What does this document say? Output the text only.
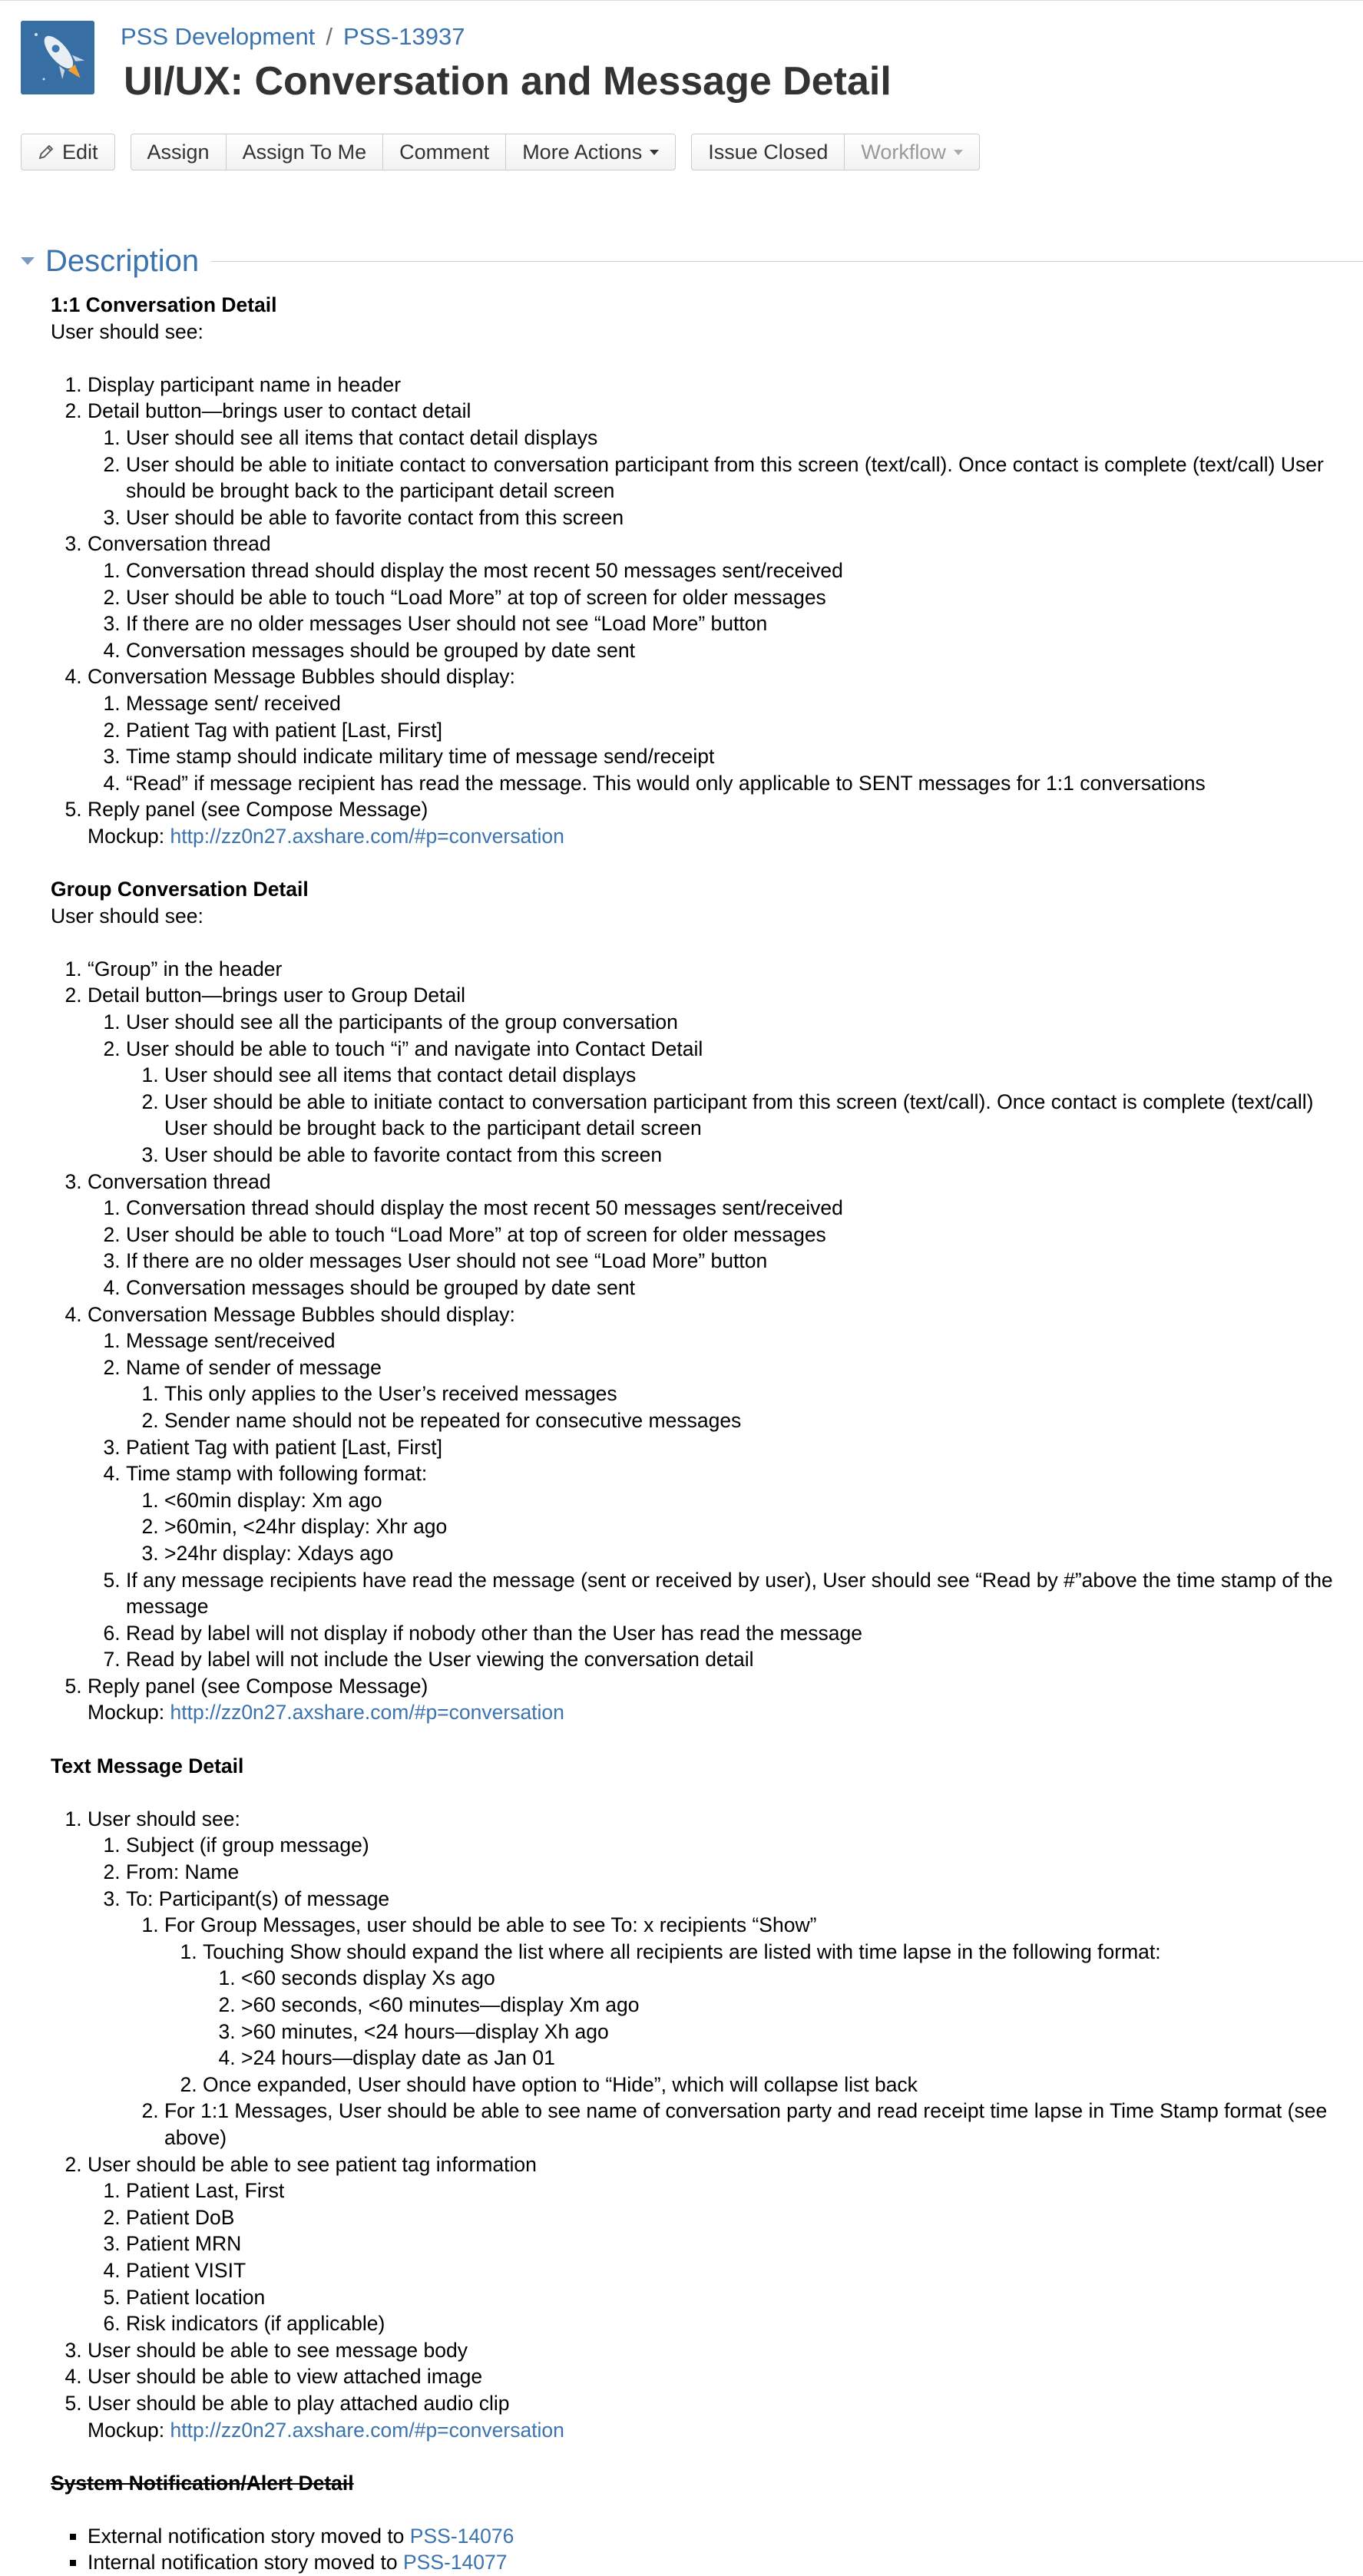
PSS Development / PSS-13937
UI/UX: Conversation and Message Detail
Edit	Assign	Assign To Me	Comment	More Actions	Issue Closed	Workflow
Description

1:1 Conversation Detail

User should see:

1. Display participant name in header
2. Detail button—brings user to contact detail
1. User should see all items that contact detail displays
2. User should be able to initiate contact to conversation participant from this screen (text/call). Once contact is complete (text/call) User should be brought back to the participant detail screen
3. User should be able to favorite contact from this screen
3. Conversation thread
1. Conversation thread should display the most recent 50 messages sent/received
2. User should be able to touch “Load More” at top of screen for older messages
3. If there are no older messages User should not see “Load More” button
4. Conversation messages should be grouped by date sent
4. Conversation Message Bubbles should display:
1. Message sent/ received
2. Patient Tag with patient [Last, First]
3. Time stamp should indicate military time of message send/receipt
4. “Read” if message recipient has read the message. This would only applicable to SENT messages for 1:1 conversations
5. Reply panel (see Compose Message)
Mockup: http://zz0n27.axshare.com/#p=conversation

Group Conversation Detail

User should see:

1. “Group” in the header
2. Detail button—brings user to Group Detail
1. User should see all the participants of the group conversation
2. User should be able to touch “i” and navigate into Contact Detail
1. User should see all items that contact detail displays
2. User should be able to initiate contact to conversation participant from this screen (text/call). Once contact is complete (text/call) User should be brought back to the participant detail screen
3. User should be able to favorite contact from this screen
3. Conversation thread
1. Conversation thread should display the most recent 50 messages sent/received
2. User should be able to touch “Load More” at top of screen for older messages
3. If there are no older messages User should not see “Load More” button
4. Conversation messages should be grouped by date sent
4. Conversation Message Bubbles should display:
1. Message sent/received
2. Name of sender of message
1. This only applies to the User’s received messages
2. Sender name should not be repeated for consecutive messages
3. Patient Tag with patient [Last, First]
4. Time stamp with following format:
1. <60min display: Xm ago
2. >60min, <24hr display: Xhr ago
3. >24hr display: Xdays ago
5. If any message recipients have read the message (sent or received by user), User should see “Read by #”above the time stamp of the message
6. Read by label will not display if nobody other than the User has read the message
7. Read by label will not include the User viewing the conversation detail
5. Reply panel (see Compose Message)
Mockup: http://zz0n27.axshare.com/#p=conversation

Text Message Detail

1. User should see:
1. Subject (if group message)
2. From: Name
3. To: Participant(s) of message
1. For Group Messages, user should be able to see To: x recipients “Show”
1. Touching Show should expand the list where all recipients are listed with time lapse in the following format:
1. <60 seconds display Xs ago
2. >60 seconds, <60 minutes—display Xm ago
3. >60 minutes, <24 hours—display Xh ago
4. >24 hours—display date as Jan 01
2. Once expanded, User should have option to “Hide”, which will collapse list back
2. For 1:1 Messages, User should be able to see name of conversation party and read receipt time lapse in Time Stamp format (see above)
2. User should be able to see patient tag information
1. Patient Last, First
2. Patient DoB
3. Patient MRN
4. Patient VISIT
5. Patient location
6. Risk indicators (if applicable)
3. User should be able to see message body
4. User should be able to view attached image
5. User should be able to play attached audio clip
Mockup: http://zz0n27.axshare.com/#p=conversation

System Notification/Alert Detail

▪ External notification story moved to PSS-14076
▪ Internal notification story moved to PSS-14077
